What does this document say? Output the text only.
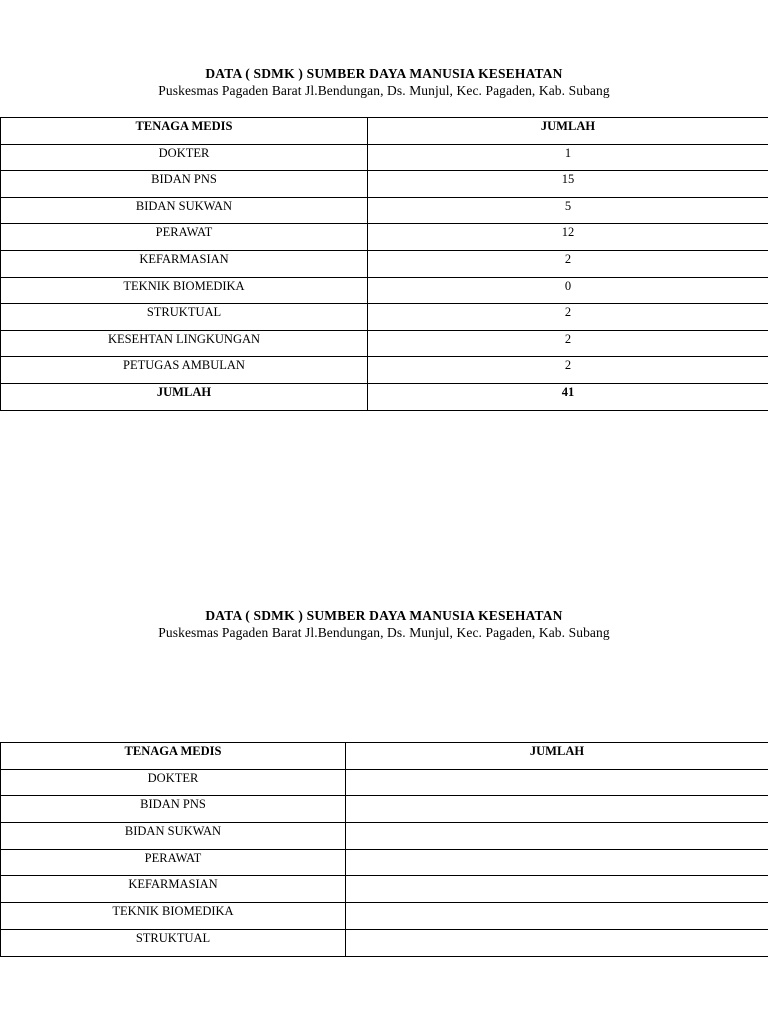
DATA ( SDMK ) SUMBER DAYA MANUSIA KESEHATAN
Puskesmas Pagaden Barat Jl.Bendungan, Ds. Munjul, Kec. Pagaden, Kab. Subang
TENAGA MEDIS	JUMLAH

DOKTER	1

BIDAN PNS	15

BIDAN SUKWAN	5

PERAWAT	12

KEFARMASIAN	2

TEKNIK BIOMEDIKA	0

STRUKTUAL	2

KESEHTAN LINGKUNGAN	2

PETUGAS AMBULAN	2

JUMLAH	41
DATA ( SDMK ) SUMBER DAYA MANUSIA KESEHATAN
Puskesmas Pagaden Barat Jl.Bendungan, Ds. Munjul, Kec. Pagaden, Kab. Subang
TENAGA MEDIS	JUMLAH

DOKTER	

BIDAN PNS	

BIDAN SUKWAN	

PERAWAT	

KEFARMASIAN	

TEKNIK BIOMEDIKA	

STRUKTUAL	
